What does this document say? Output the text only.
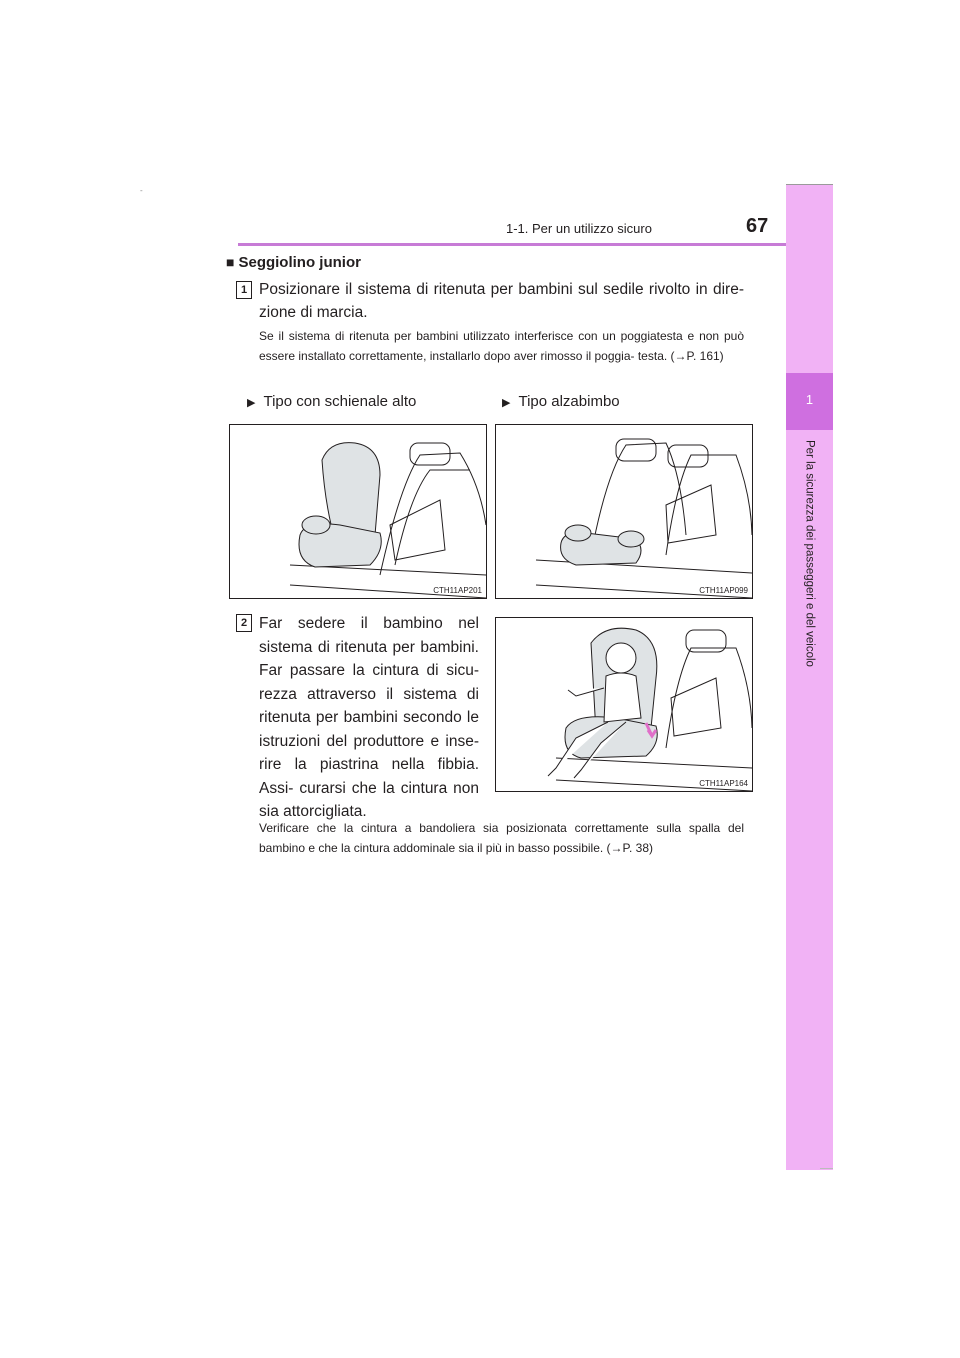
-
1-1. Per un utilizzo sicuro	67
1
Per la sicurezza dei passeggeri e del veicolo
■ Seggiolino junior
1 Posizionare il sistema di ritenuta per bambini sul sedile rivolto in dire- zione di marcia.
Se il sistema di ritenuta per bambini utilizzato interferisce con un poggiatesta e non può essere installato correttamente, installarlo dopo aver rimosso il poggia- testa. (→P. 161)
▶ Tipo con schienale alto	▶ Tipo alzabimbo
CTH11AP201	CTH11AP099
2 Far sedere il bambino nel sistema di ritenuta per bambini. Far passare la cintura di sicu- rezza attraverso il sistema di ritenuta per bambini secondo le istruzioni del produttore e inse- rire la piastrina nella fibbia. Assi- curarsi che la cintura non sia attorcigliata.
CTH11AP164
Verificare che la cintura a bandoliera sia posizionata correttamente sulla spalla del bambino e che la cintura addominale sia il più in basso possibile. (→P. 38)
